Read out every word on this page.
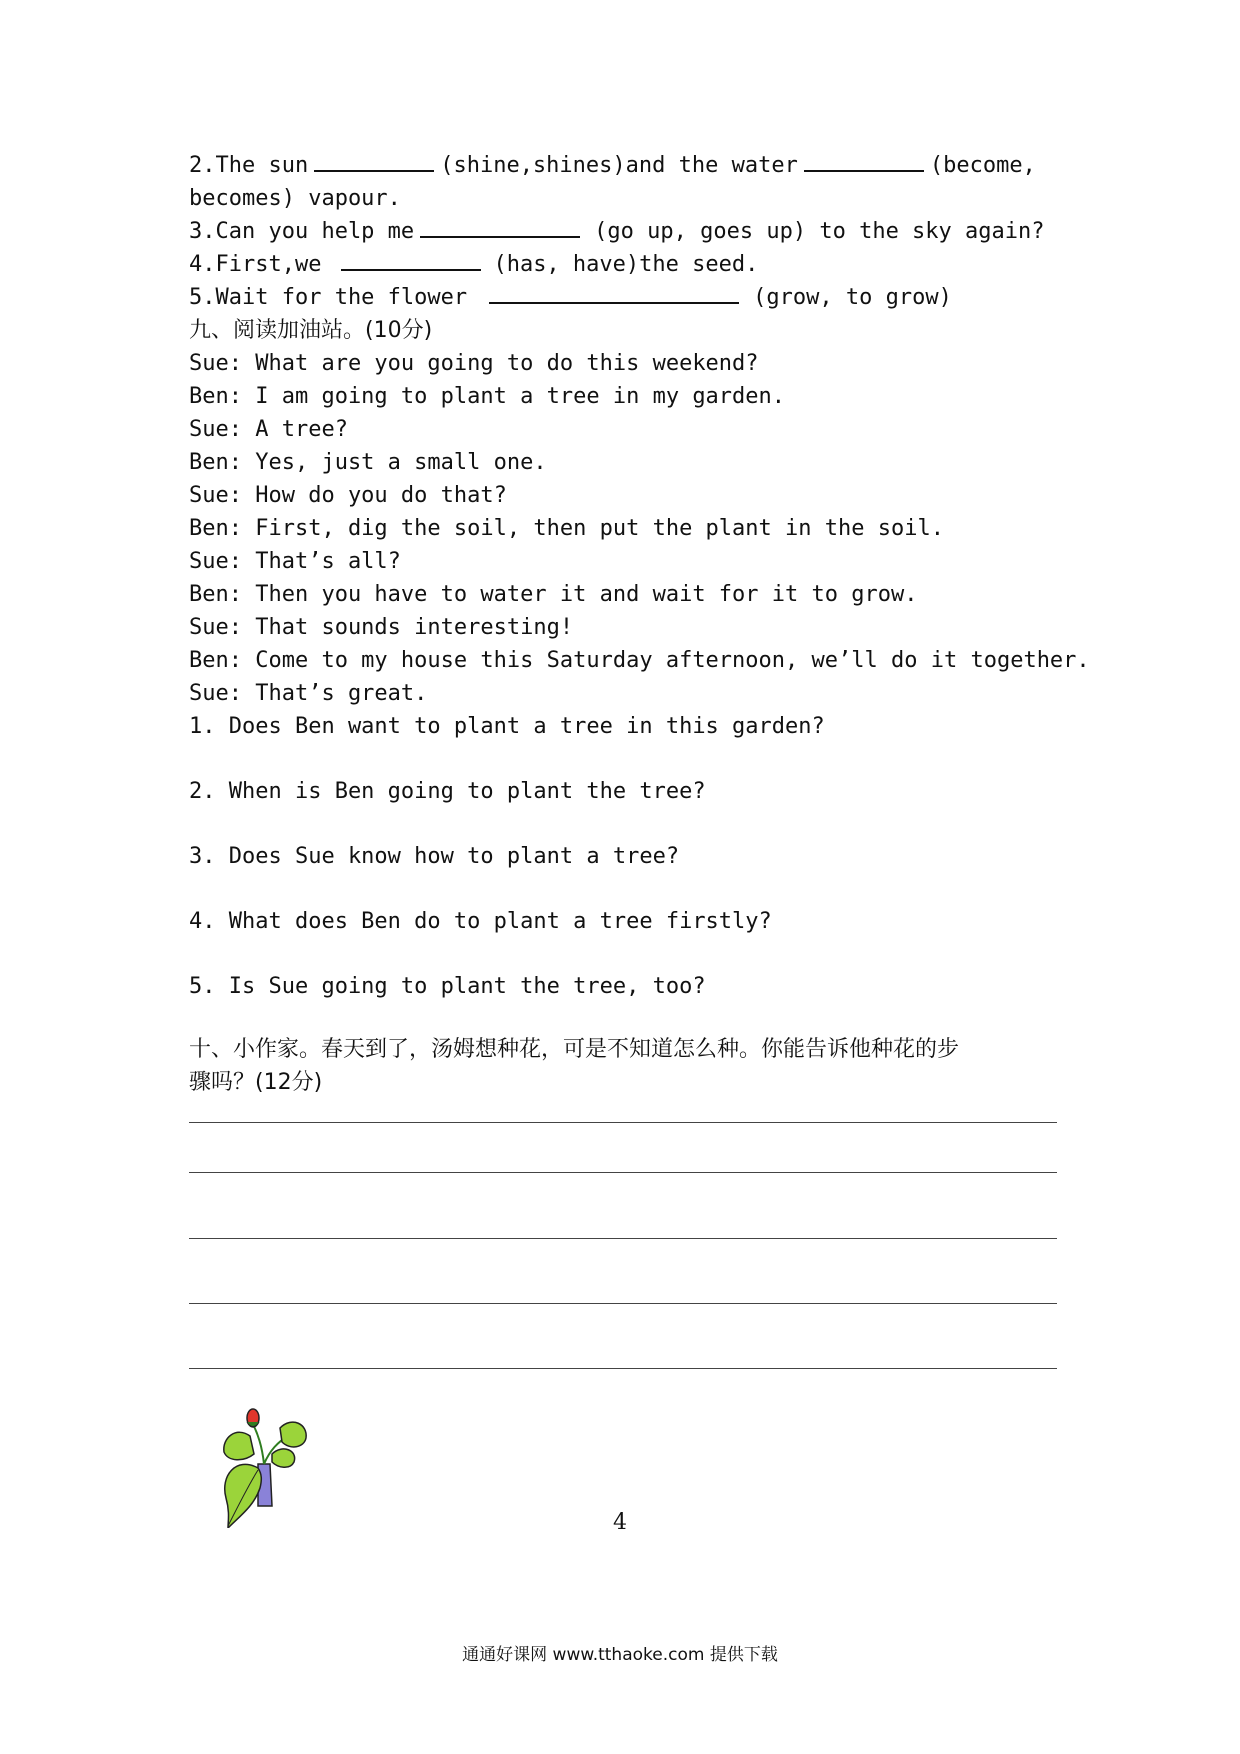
2.The sun	(shine,shines)and the water	(become,
becomes) vapour.
3.Can you help me	(go up, goes up) to the sky again?
4.First,we	(has, have)the seed.
5.Wait for the flower	(grow, to grow)
九、阅读加油站。(10分)
Sue: What are you going to do this weekend?
Ben: I am going to plant a tree in my garden.
Sue: A tree?
Ben: Yes, just a small one.
Sue: How do you do that?
Ben: First, dig the soil, then put the plant in the soil.
Sue: That’s all?
Ben: Then you have to water it and wait for it to grow.
Sue: That sounds interesting!
Ben: Come to my house this Saturday afternoon, we’ll do it together.
Sue: That’s great.
1. Does Ben want to plant a tree in this garden?
2. When is Ben going to plant the tree?
3. Does Sue know how to plant a tree?
4. What does Ben do to plant a tree firstly?
5. Is Sue going to plant the tree, too?
十、小作家。春天到了，汤姆想种花，可是不知道怎么种。你能告诉他种花的步
骤吗？(12分)
4
通通好课网 www.tthaoke.com 提供下载
